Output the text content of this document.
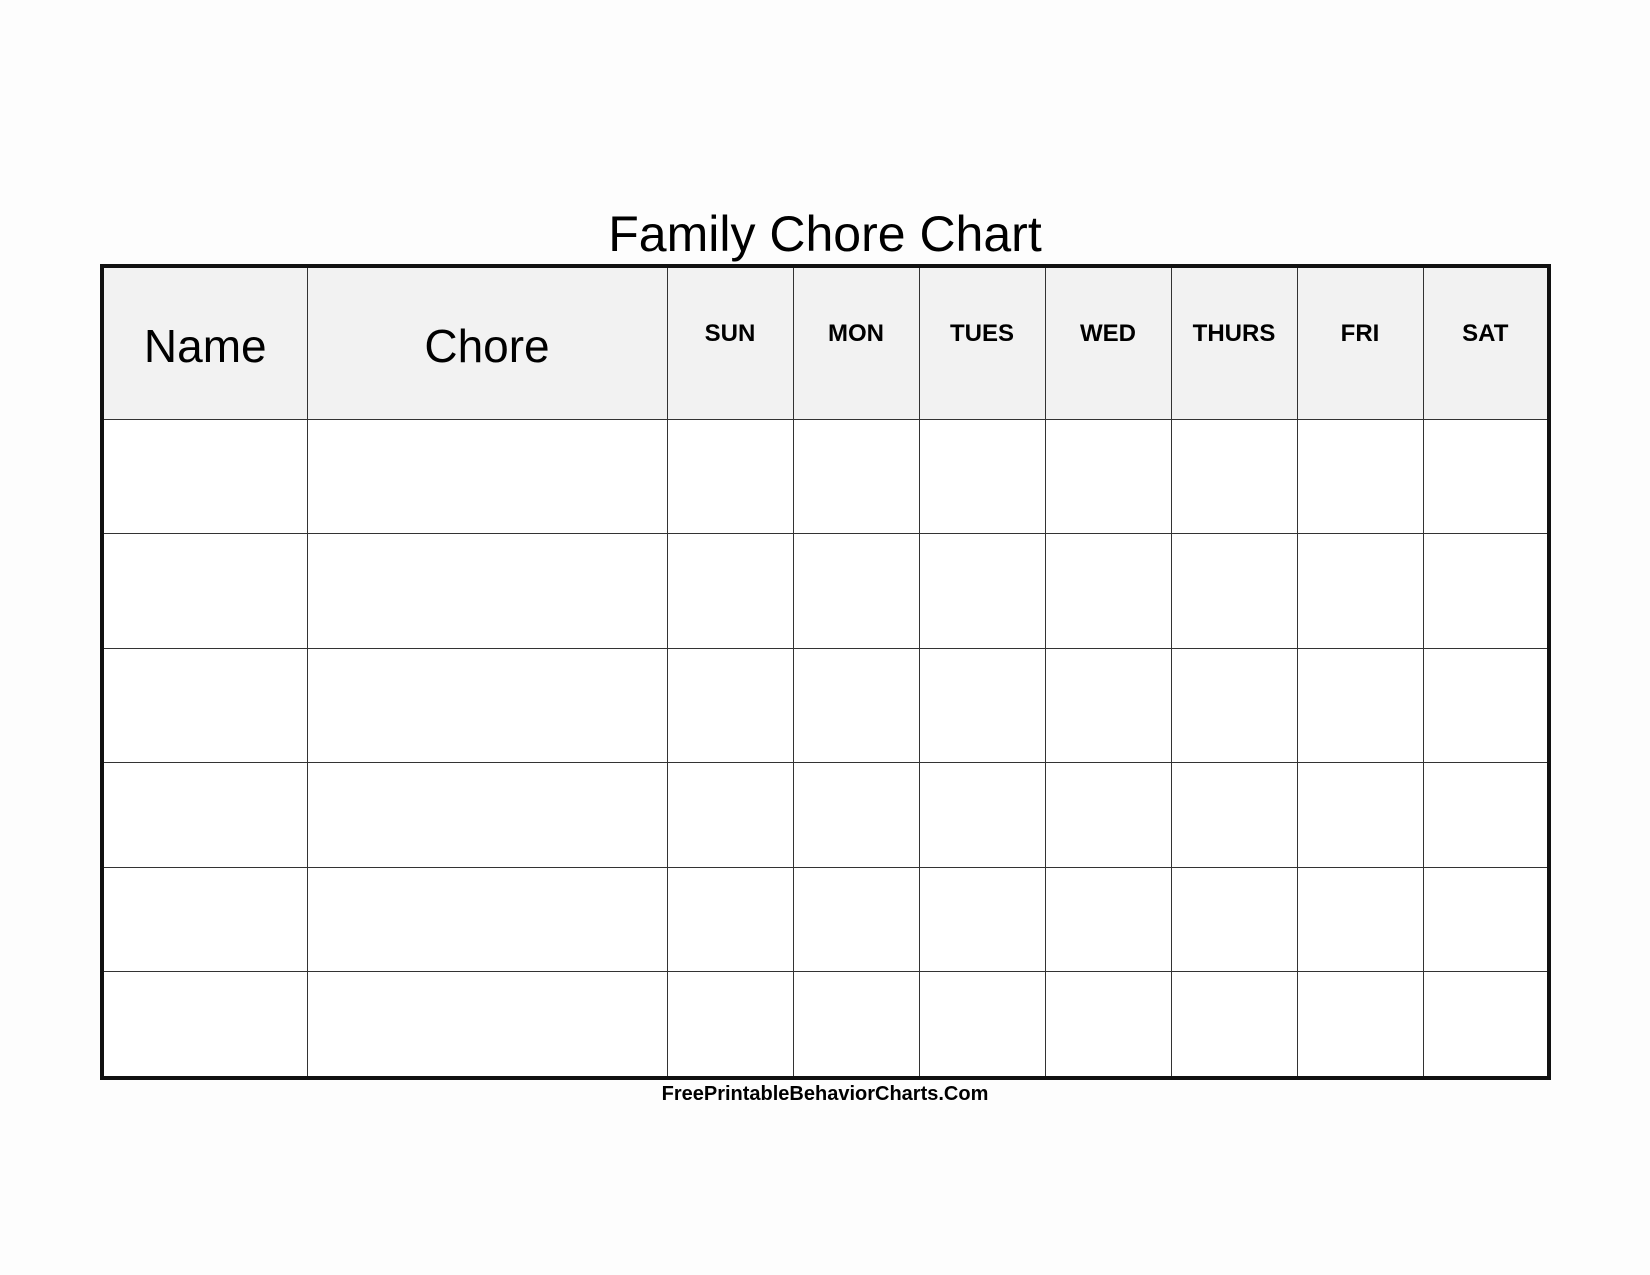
Family Chore Chart
Name	Chore	SUN	MON	TUES	WED	THURS	FRI	SAT

FreePrintableBehaviorCharts.Com
